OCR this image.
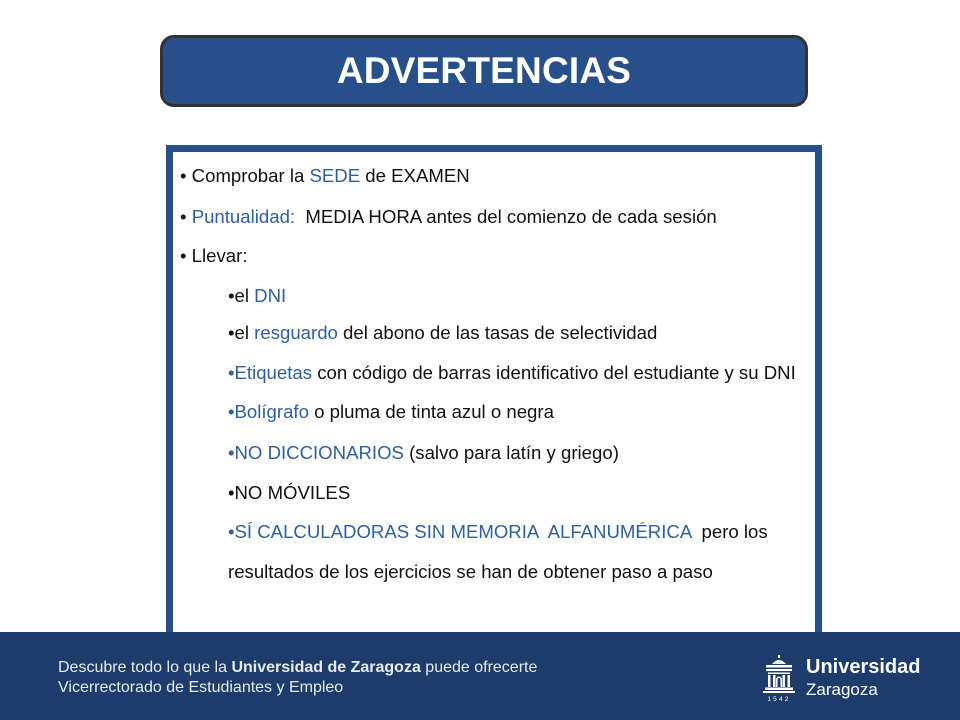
ADVERTENCIAS
• Comprobar la SEDE de EXAMEN
• Puntualidad:  MEDIA HORA antes del comienzo de cada sesión
• Llevar:
•el DNI
•el resguardo del abono de las tasas de selectividad
•Etiquetas con código de barras identificativo del estudiante y su DNI
•Bolígrafo o pluma de tinta azul o negra
•NO DICCIONARIOS (salvo para latín y griego)
•NO MÓVILES
•SÍ CALCULADORAS SIN MEMORIA  ALFANUMÉRICA  pero los
resultados de los ejercicios se han de obtener paso a paso
Descubre todo lo que la Universidad de Zaragoza puede ofrecerte
Vicerrectorado de Estudiantes y Empleo
1542
Universidad
Zaragoza
